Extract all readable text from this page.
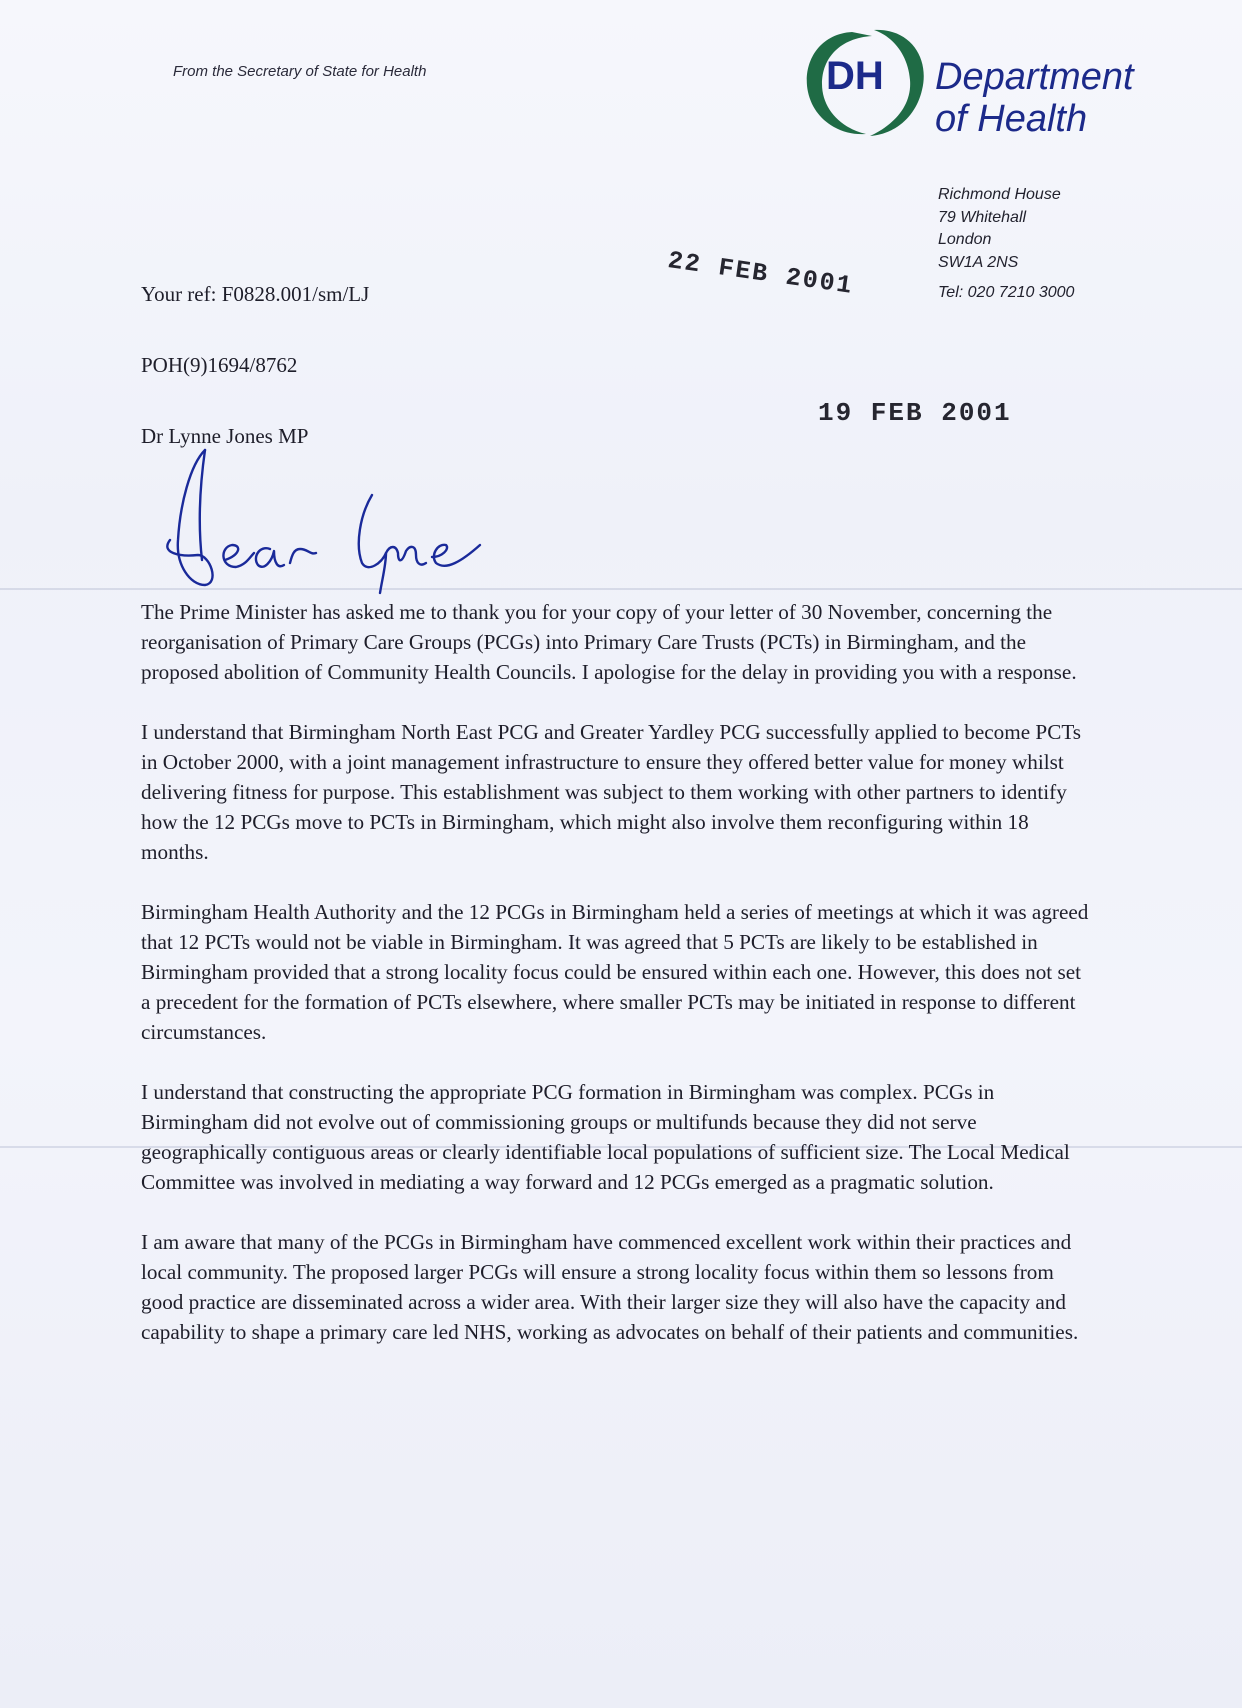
From the Secretary of State for Health	DH Department
of Health
Richmond House
79 Whitehall
London
SW1A 2NS
Tel: 020 7210 3000
22 FEB 2001
19 FEB 2001
Your ref: F0828.001/sm/LJ
POH(9)1694/8762
Dr Lynne Jones MP

The Prime Minister has asked me to thank you for your copy of your letter of 30 November, concerning the reorganisation of Primary Care Groups (PCGs) into Primary Care Trusts (PCTs) in Birmingham, and the proposed abolition of Community Health Councils. I apologise for the delay in providing you with a response.

I understand that Birmingham North East PCG and Greater Yardley PCG successfully applied to become PCTs in October 2000, with a joint management infrastructure to ensure they offered better value for money whilst delivering fitness for purpose. This establishment was subject to them working with other partners to identify how the 12 PCGs move to PCTs in Birmingham, which might also involve them reconfiguring within 18 months.

Birmingham Health Authority and the 12 PCGs in Birmingham held a series of meetings at which it was agreed that 12 PCTs would not be viable in Birmingham. It was agreed that 5 PCTs are likely to be established in Birmingham provided that a strong locality focus could be ensured within each one. However, this does not set a precedent for the formation of PCTs elsewhere, where smaller PCTs may be initiated in response to different circumstances.

I understand that constructing the appropriate PCG formation in Birmingham was complex. PCGs in Birmingham did not evolve out of commissioning groups or multifunds because they did not serve geographically contiguous areas or clearly identifiable local populations of sufficient size. The Local Medical Committee was involved in mediating a way forward and 12 PCGs emerged as a pragmatic solution.

I am aware that many of the PCGs in Birmingham have commenced excellent work within their practices and local community. The proposed larger PCGs will ensure a strong locality focus within them so lessons from good practice are disseminated across a wider area. With their larger size they will also have the capacity and capability to shape a primary care led NHS, working as advocates on behalf of their patients and communities.
